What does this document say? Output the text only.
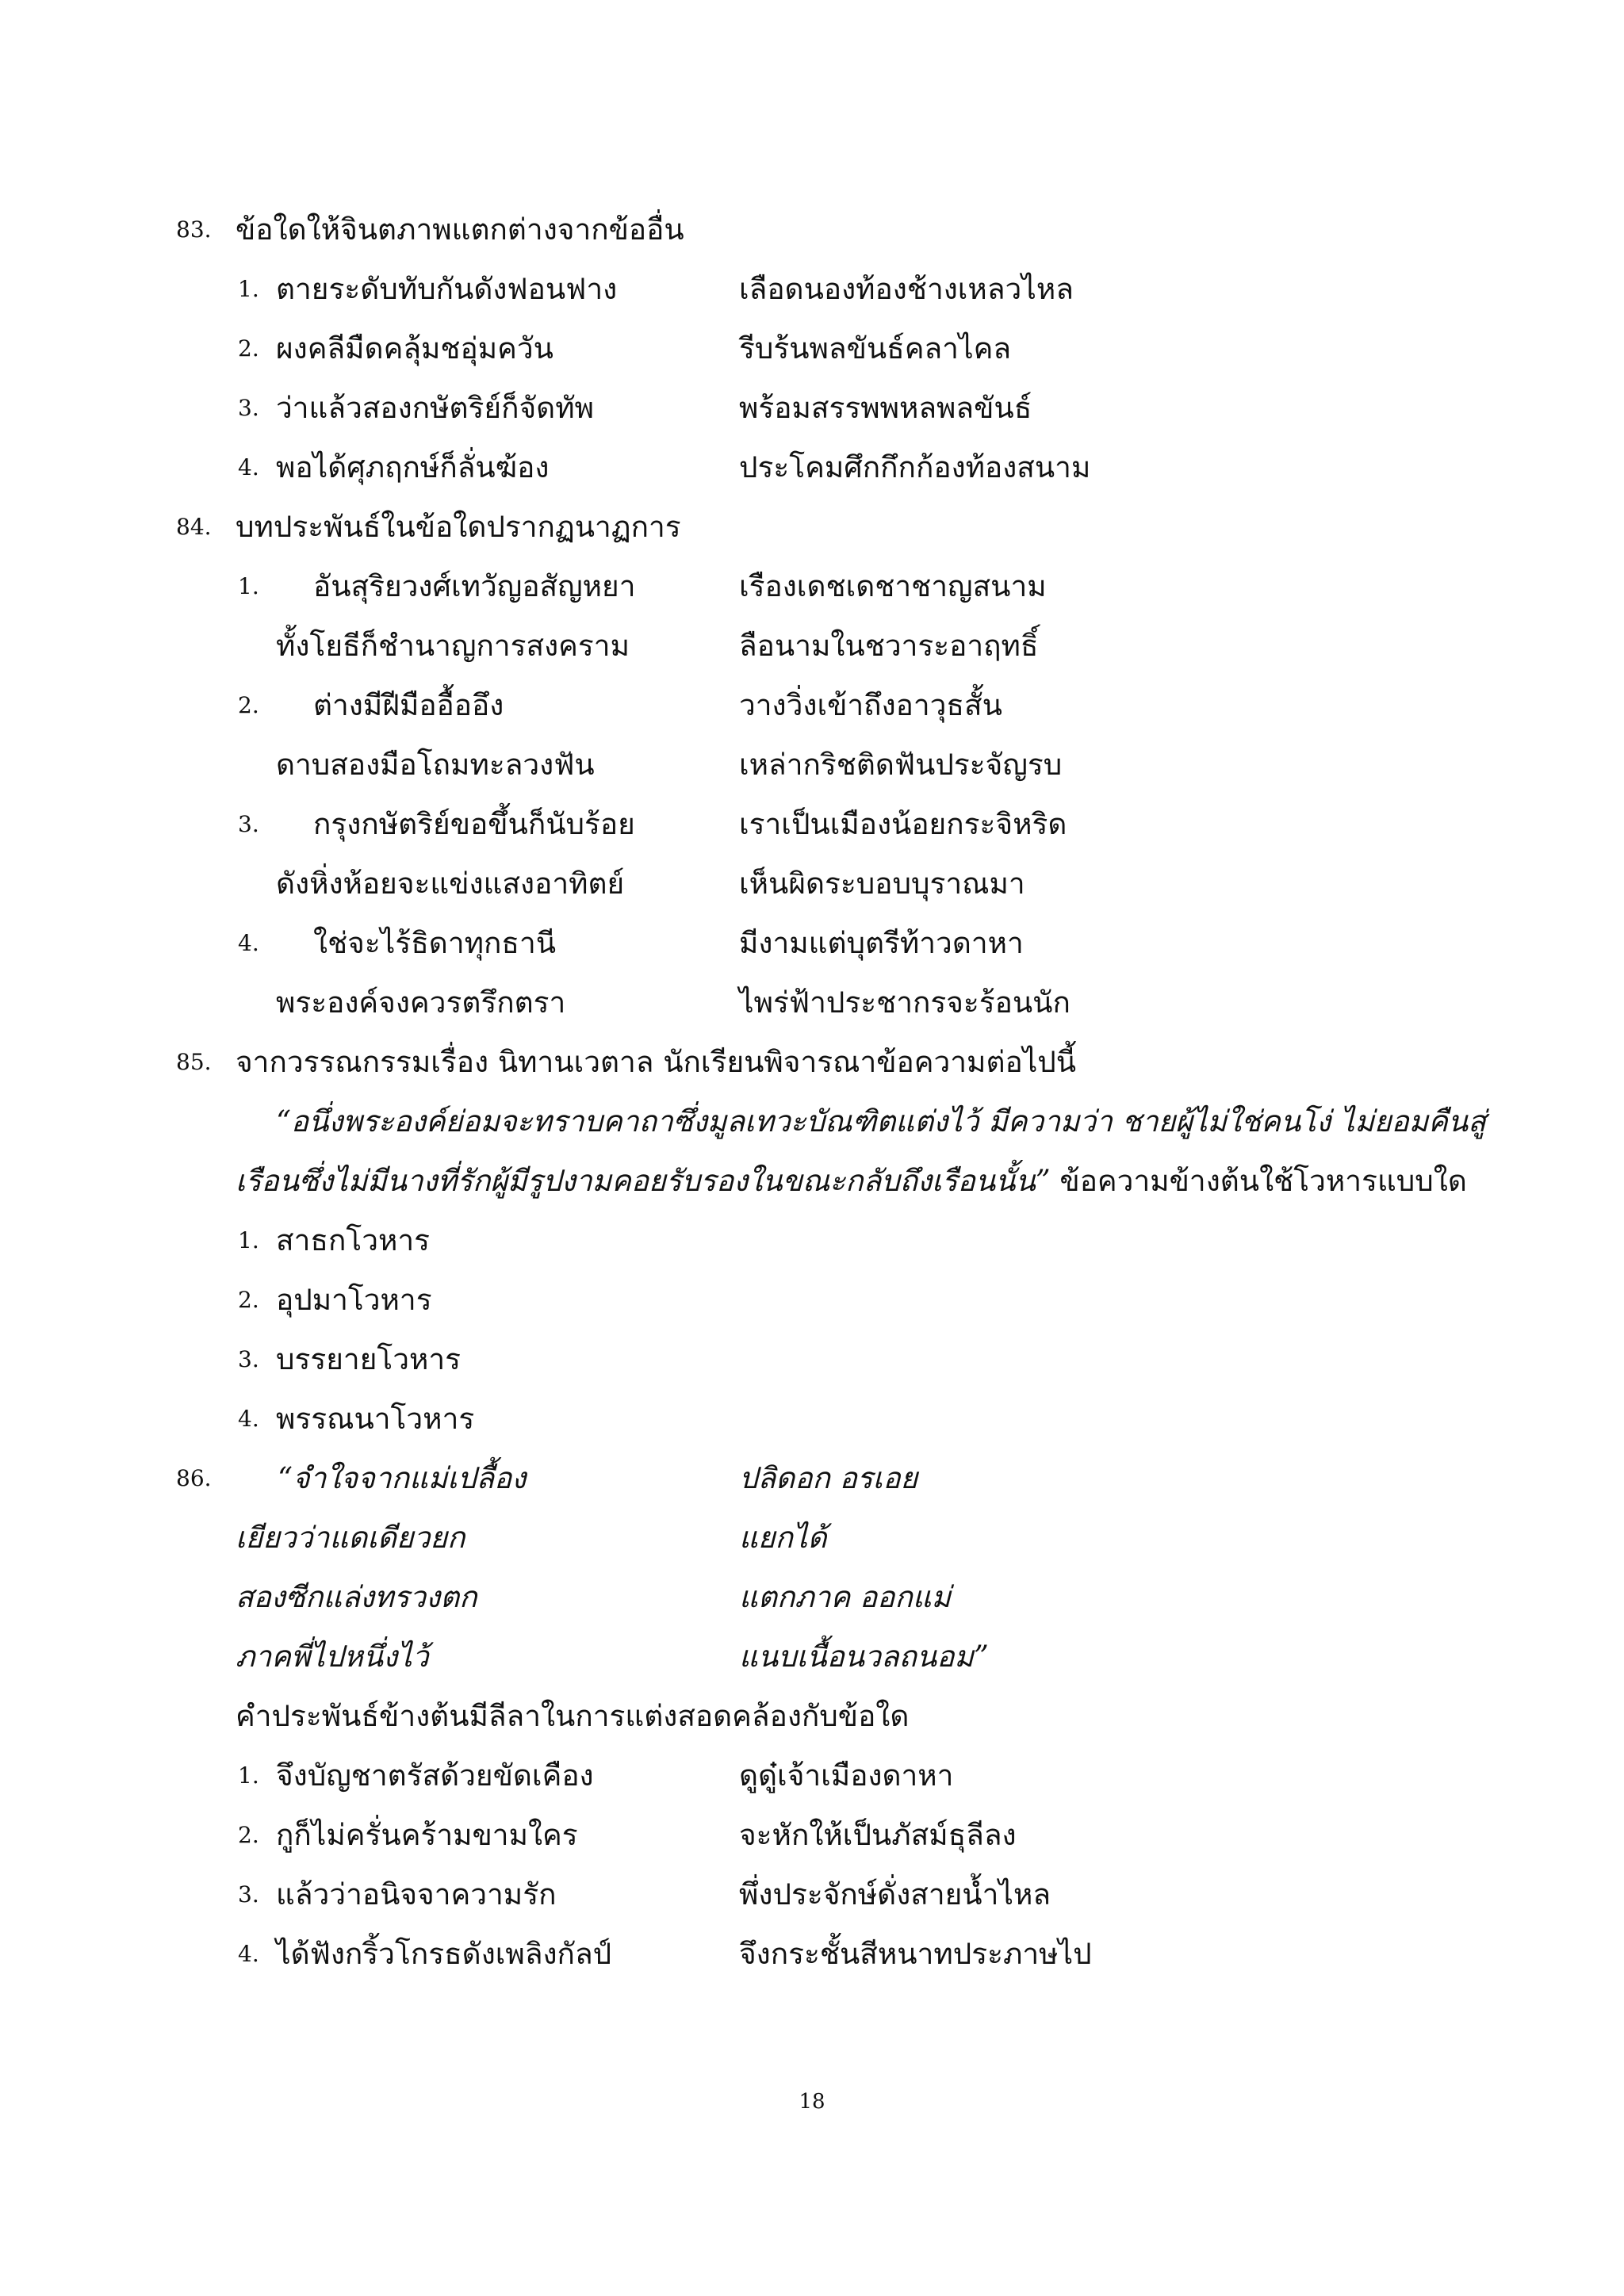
83. ข้อใดให้จินตภาพแตกต่างจากข้ออื่น
1. ตายระดับทับกันดังฟอนฟาง	เลือดนองท้องช้างเหลวไหล
2. ผงคลีมืดคลุ้มชอุ่มควัน	รีบร้นพลขันธ์คลาไคล
3. ว่าแล้วสองกษัตริย์ก็จัดทัพ	พร้อมสรรพพหลพลขันธ์
4. พอได้ศุภฤกษ์ก็ลั่นฆ้อง	ประโคมศึกกึกก้องท้องสนาม
84. บทประพันธ์ในข้อใดปรากฏนาฏการ
1. อันสุริยวงศ์เทวัญอสัญหยา	เรืองเดชเดชาชาญสนาม
ทั้งโยธีก็ชำนาญการสงคราม	ลือนามในชวาระอาฤทธิ์
2. ต่างมีฝีมืออื้ออึง	วางวิ่งเข้าถึงอาวุธสั้น
ดาบสองมือโถมทะลวงฟัน	เหล่ากริชติดฟันประจัญรบ
3. กรุงกษัตริย์ขอขึ้นก็นับร้อย	เราเป็นเมืองน้อยกระจิหริด
ดังหิ่งห้อยจะแข่งแสงอาทิตย์	เห็นผิดระบอบบุราณมา
4. ใช่จะไร้ธิดาทุกธานี	มีงามแต่บุตรีท้าวดาหา
พระองค์จงควรตรึกตรา	ไพร่ฟ้าประชากรจะร้อนนัก
85. จากวรรณกรรมเรื่อง นิทานเวตาล นักเรียนพิจารณาข้อความต่อไปนี้
“อนึ่งพระองค์ย่อมจะทราบคาถาซึ่งมูลเทวะบัณฑิตแต่งไว้ มีความว่า ชายผู้ไม่ใช่คนโง่ ไม่ยอมคืนสู่
เรือนซึ่งไม่มีนางที่รักผู้มีรูปงามคอยรับรองในขณะกลับถึงเรือนนั้น” ข้อความข้างต้นใช้โวหารแบบใด
1. สาธกโวหาร
2. อุปมาโวหาร
3. บรรยายโวหาร
4. พรรณนาโวหาร
86. “จำใจจากแม่เปลื้อง	ปลิดอก อรเอย
เยียวว่าแดเดียวยก	แยกได้
สองซีกแล่งทรวงตก	แตกภาค ออกแม่
ภาคพี่ไปหนึ่งไว้	แนบเนื้อนวลถนอม”
คำประพันธ์ข้างต้นมีลีลาในการแต่งสอดคล้องกับข้อใด
1. จึงบัญชาตรัสด้วยขัดเคือง	ดูดู๋เจ้าเมืองดาหา
2. กูก็ไม่ครั่นคร้ามขามใคร	จะหักให้เป็นภัสม์ธุลีลง
3. แล้วว่าอนิจจาความรัก	พึ่งประจักษ์ดั่งสายน้ำไหล
4. ได้ฟังกริ้วโกรธดังเพลิงกัลป์	จึงกระชั้นสีหนาทประภาษไป
18
